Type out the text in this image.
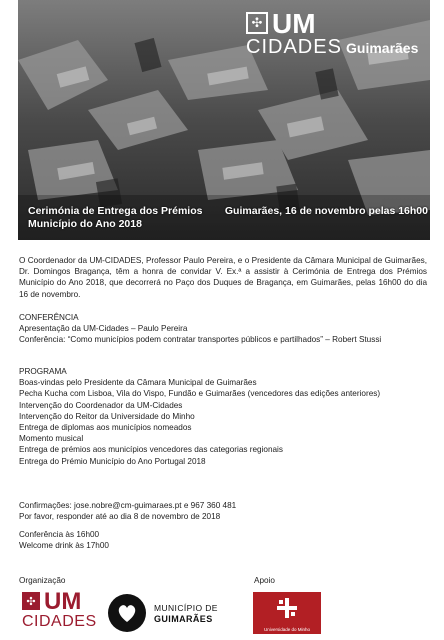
✣ UM
CIDADES Guimarães
Cerimónia de Entrega dos Prémios
Município do Ano 2018
Guimarães, 16 de novembro pelas 16h00
O Coordenador da UM-CIDADES, Professor Paulo Pereira, e o Presidente da Câmara Municipal de Guimarães, Dr. Domingos Bragança, têm a honra de convidar V. Ex.ª a assistir à Cerimónia de Entrega dos Prémios Município do Ano 2018, que decorrerá no Paço dos Duques de Bragança, em Guimarães, pelas 16h00 do dia 16 de novembro.
CONFERÊNCIA
Apresentação da UM-Cidades – Paulo Pereira
Conferência: “Como municípios podem contratar transportes públicos e partilhados” – Robert Stussi
PROGRAMA
Boas-vindas pelo Presidente da Câmara Municipal de Guimarães
Pecha Kucha com Lisboa, Vila do Vispo, Fundão e Guimarães (vencedores das edições anteriores)
Intervenção do Coordenador da UM-Cidades
Intervenção do Reitor da Universidade do Minho
Entrega de diplomas aos municípios nomeados
Momento musical
Entrega de prémios aos municípios vencedores das categorias regionais
Entrega do Prémio Município do Ano Portugal 2018
Confirmações: jose.nobre@cm-guimaraes.pt e 967 360 481
Por favor, responder até ao dia 8 de novembro de 2018
Conferência às 16h00
Welcome drink às 17h00
Organização	Apoio
✣ UM
CIDADES
MUNICÍPIO DE
GUIMARÃES
Universidade do Minho
